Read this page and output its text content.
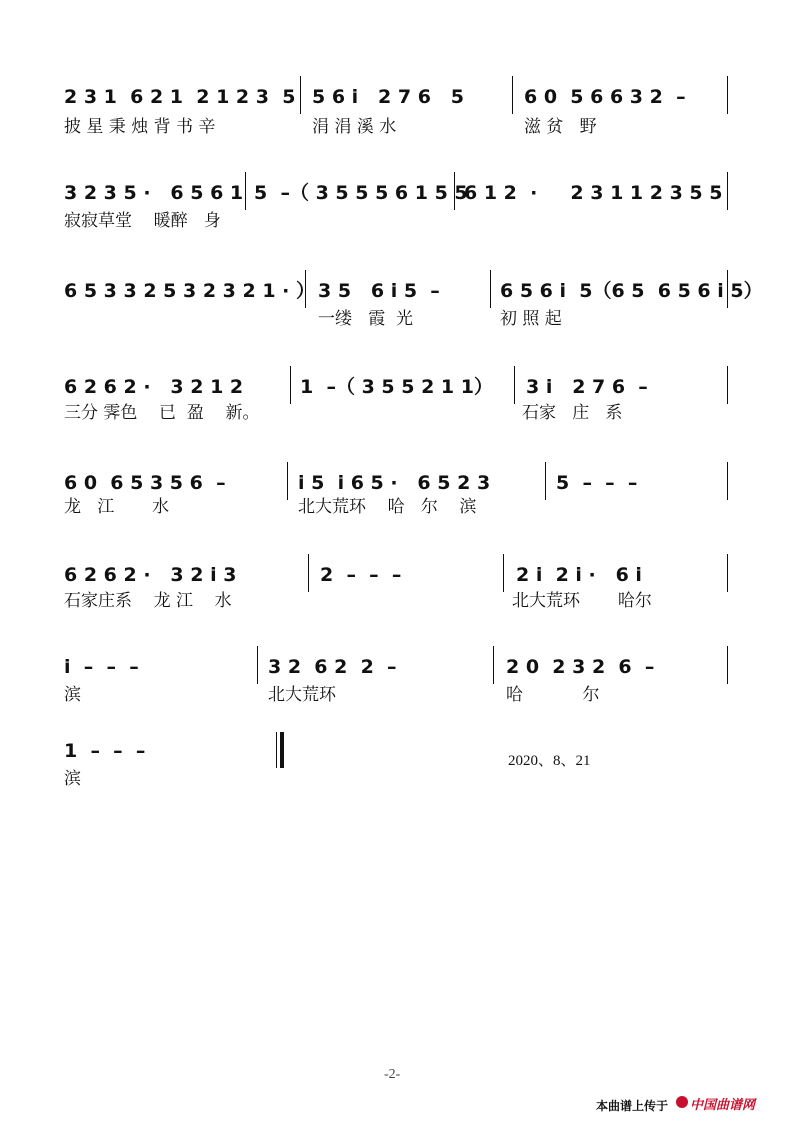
2 3 1  6 2 1  2 1 2 3  5 5 6 i   2 7 6   5	6 0  5 6 6 3 2  –
披 星 秉 烛 背 书 辛	涓 涓 溪 水	滋 贫   野
3 2 3 5 ·   6 5 6 1 5  –（ 3 5 5 5 6 1 5 5
6 1 2  ·     2 3 1 1 2 3 5 5
寂寂草堂    暖醉   身
6 5 3 3 2 5 3 2 3 2 1 · ） 3 5   6 i 5  –	6 5 6 i  5（6 5  6 5 6 i 5）
一缕   霞  光	初 照 起
6 2 6 2 ·   3 2 1 2	1  –（ 3 5 5 2 1 1） 3 i   2 7 6  –
三分 霁色    已  盈    新。	石家   庄   系
6 0  6 5 3 5 6  –	i 5  i 6 5 ·   6 5 2 3	5  –  –  –
龙   江       水	北大荒环    哈   尔    滨
6 2 6 2 ·   3 2 i 3	2  –  –  –	2 i  2 i ·   6 i
石家庄系    龙 江    水	北大荒环       哈尔
i  –  –  –	3 2  6 2  2  –	2 0  2 3 2  6  –
滨	北大荒环	哈           尔
1  –  –  –
滨
2020、8、21
-2-
本曲谱上传于 中国曲谱网
